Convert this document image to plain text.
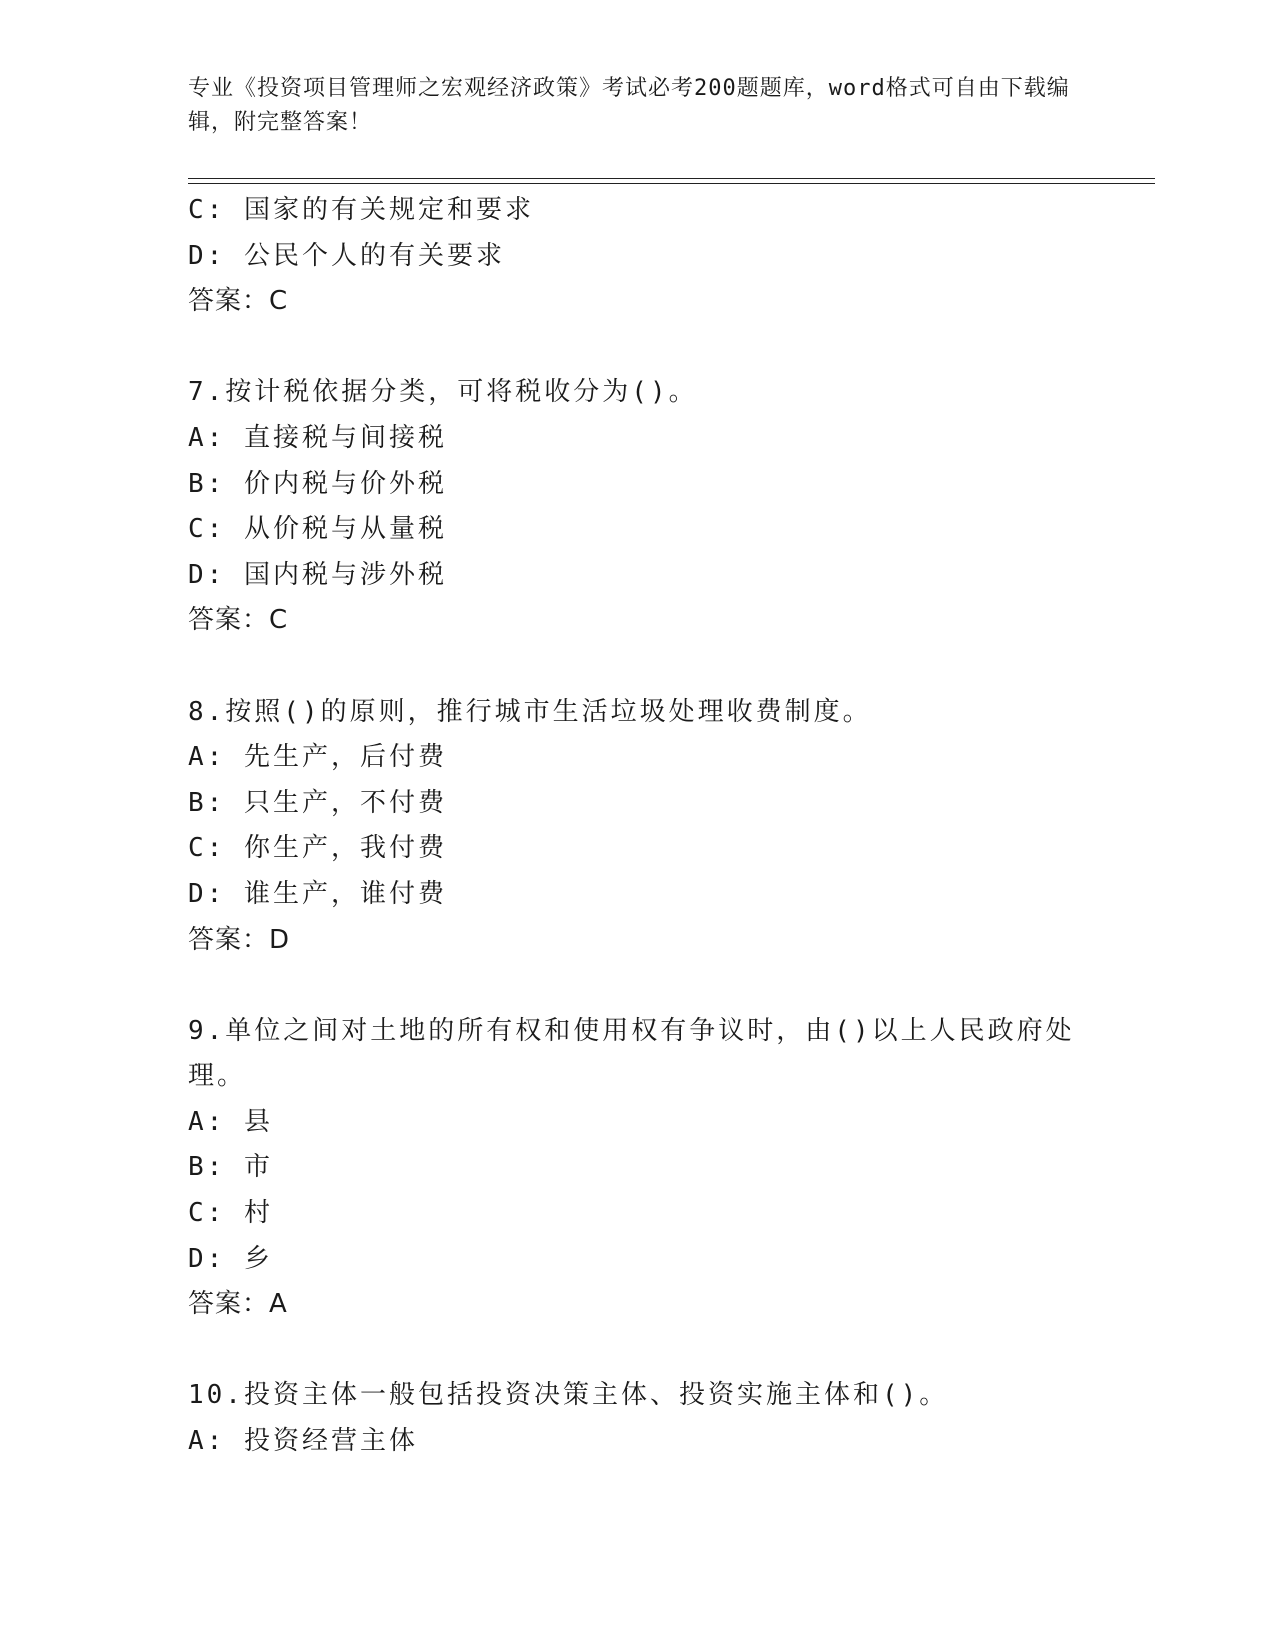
专业《投资项目管理师之宏观经济政策》考试必考200题题库，word格式可自由下载编辑，附完整答案！
C: 国家的有关规定和要求
D: 公民个人的有关要求
答案：C
7.按计税依据分类，可将税收分为()。
A: 直接税与间接税
B: 价内税与价外税
C: 从价税与从量税
D: 国内税与涉外税
答案：C
8.按照()的原则，推行城市生活垃圾处理收费制度。
A: 先生产，后付费
B: 只生产，不付费
C: 你生产，我付费
D: 谁生产，谁付费
答案：D
9.单位之间对土地的所有权和使用权有争议时，由()以上人民政府处理。
A: 县
B: 市
C: 村
D: 乡
答案：A
10.投资主体一般包括投资决策主体、投资实施主体和()。
A: 投资经营主体
